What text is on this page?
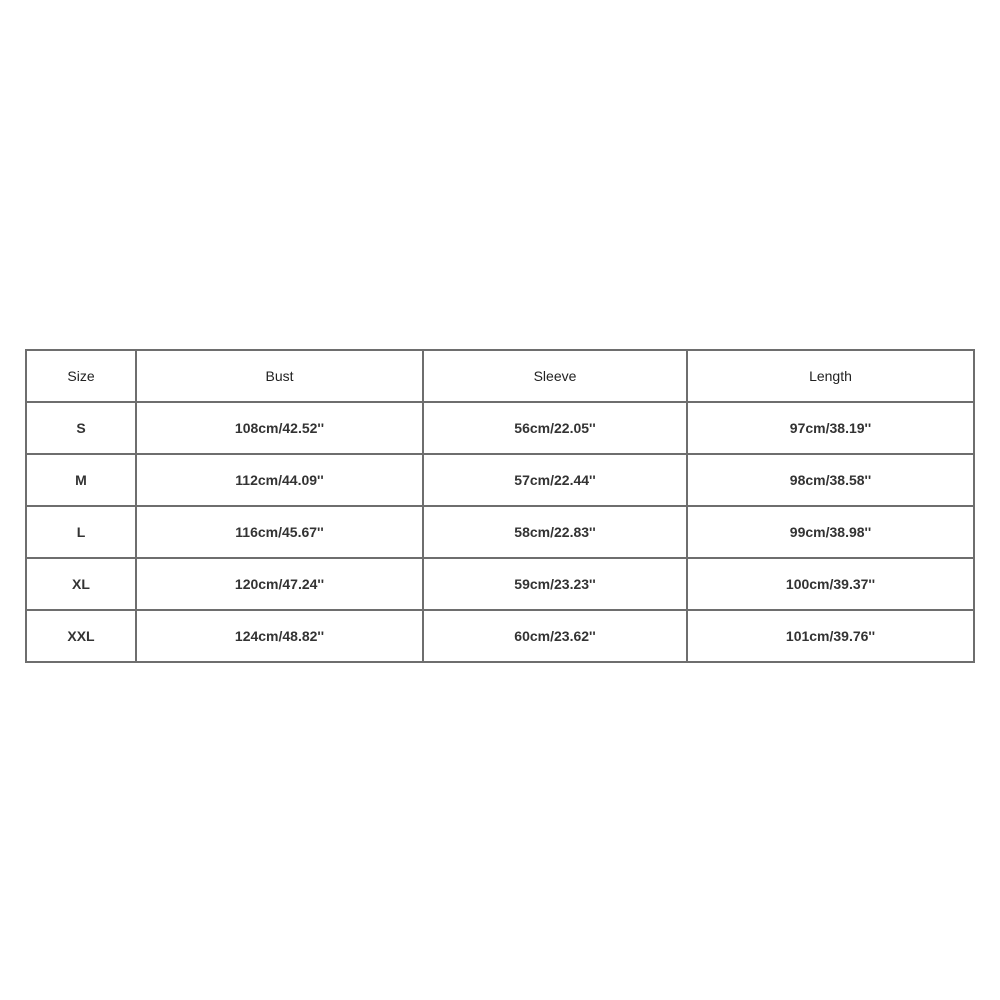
Size	Bust	Sleeve	Length
S	108cm/42.52''	56cm/22.05''	97cm/38.19''
M	112cm/44.09''	57cm/22.44''	98cm/38.58''
L	116cm/45.67''	58cm/22.83''	99cm/38.98''
XL	120cm/47.24''	59cm/23.23''	100cm/39.37''
XXL	124cm/48.82''	60cm/23.62''	101cm/39.76''
